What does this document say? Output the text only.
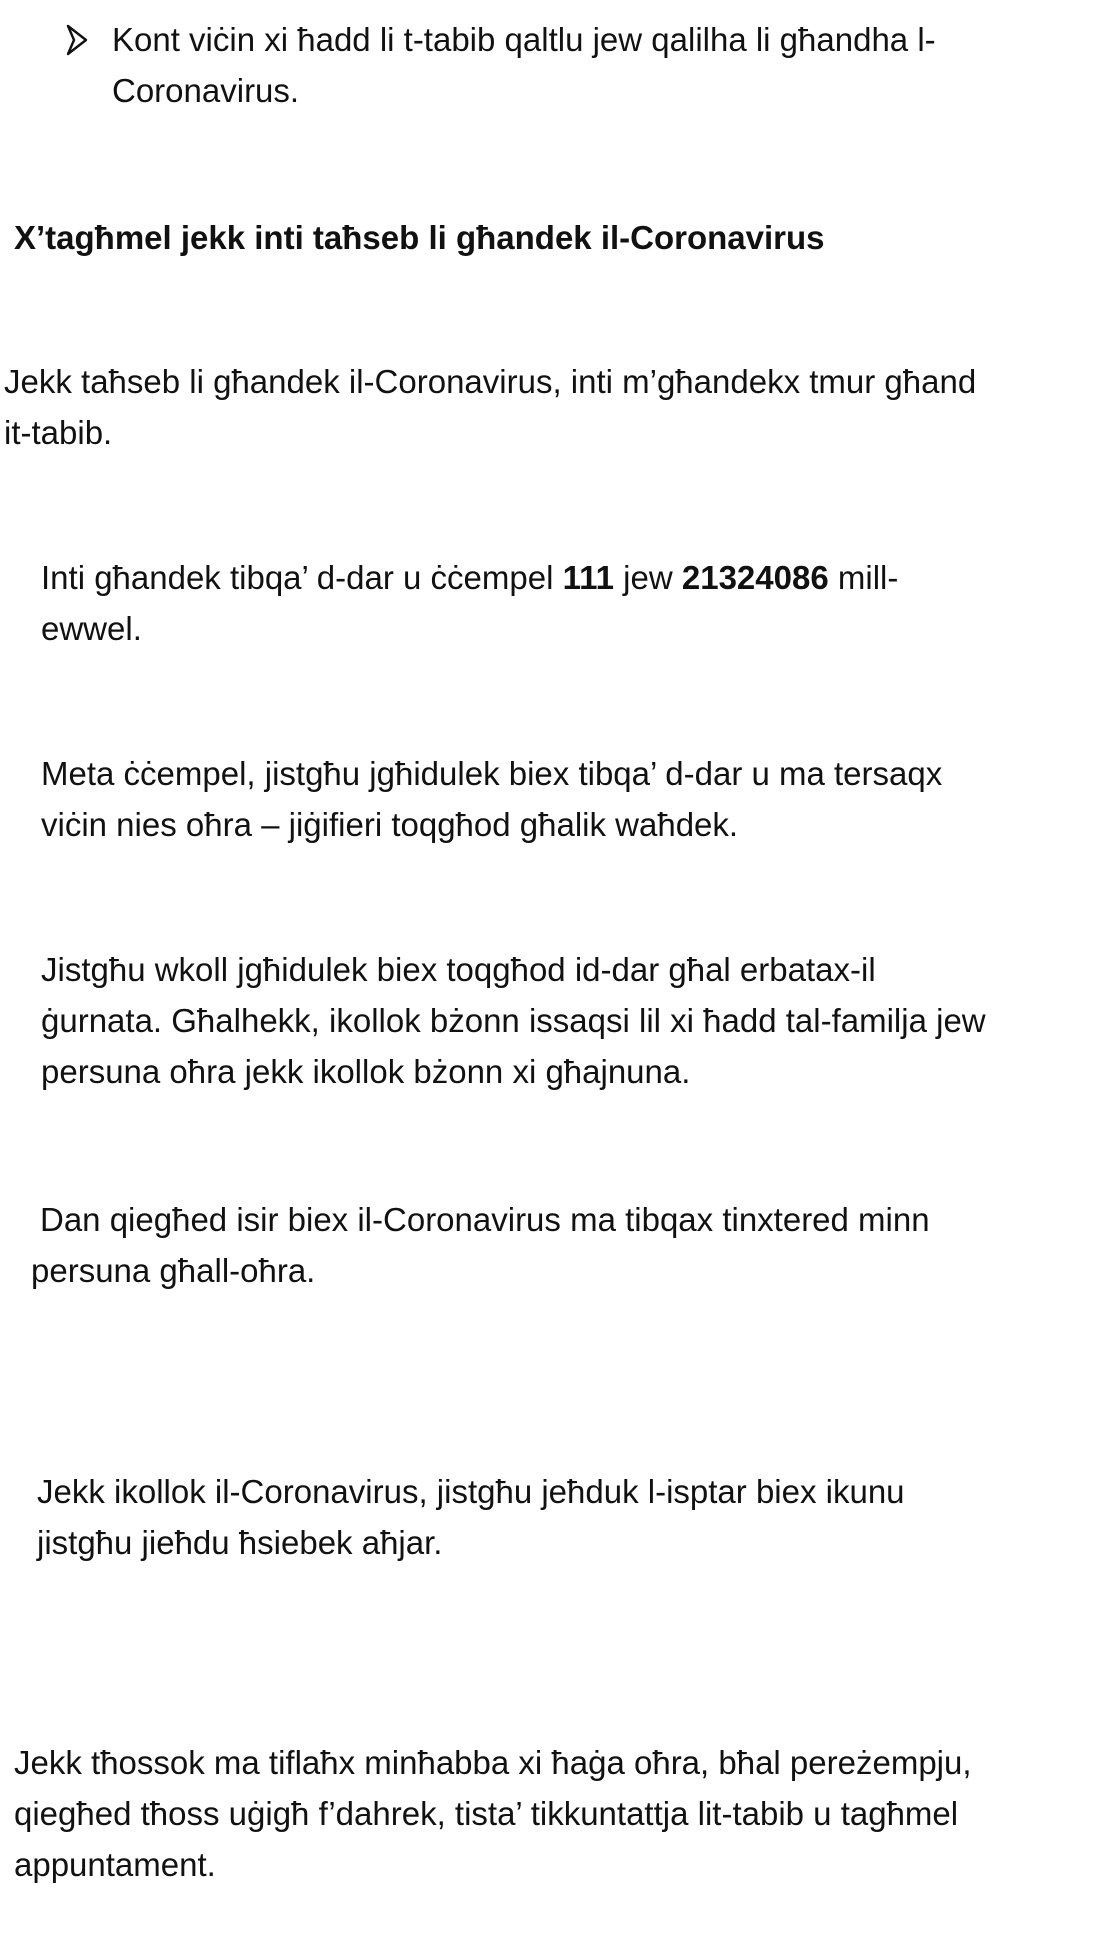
Kont viċin xi ħadd li t-tabib qaltlu jew qalilha li għandha l-
Coronavirus.
X’tagħmel jekk inti taħseb li għandek il-Coronavirus
Jekk taħseb li għandek il-Coronavirus, inti m’għandekx tmur għand
it-tabib.
Inti għandek tibqa’ d-dar u ċċempel 111 jew 21324086 mill-
ewwel.
Meta ċċempel, jistgħu jgħidulek biex tibqa’ d-dar u ma tersaqx
viċin nies oħra – jiġifieri toqgħod għalik waħdek.
Jistgħu wkoll jgħidulek biex toqgħod id-dar għal erbatax-il
ġurnata. Għalhekk, ikollok bżonn issaqsi lil xi ħadd tal-familja jew
persuna oħra jekk ikollok bżonn xi għajnuna.
Dan qiegħed isir biex il-Coronavirus ma tibqax tinxtered minn
persuna għall-oħra.
Jekk ikollok il-Coronavirus, jistgħu jeħduk l-isptar biex ikunu
jistgħu jieħdu ħsiebek aħjar.
Jekk tħossok ma tiflaħx minħabba xi ħaġa oħra, bħal pereżempju,
qiegħed tħoss uġigħ f’dahrek, tista’ tikkuntattja lit-tabib u tagħmel
appuntament.
